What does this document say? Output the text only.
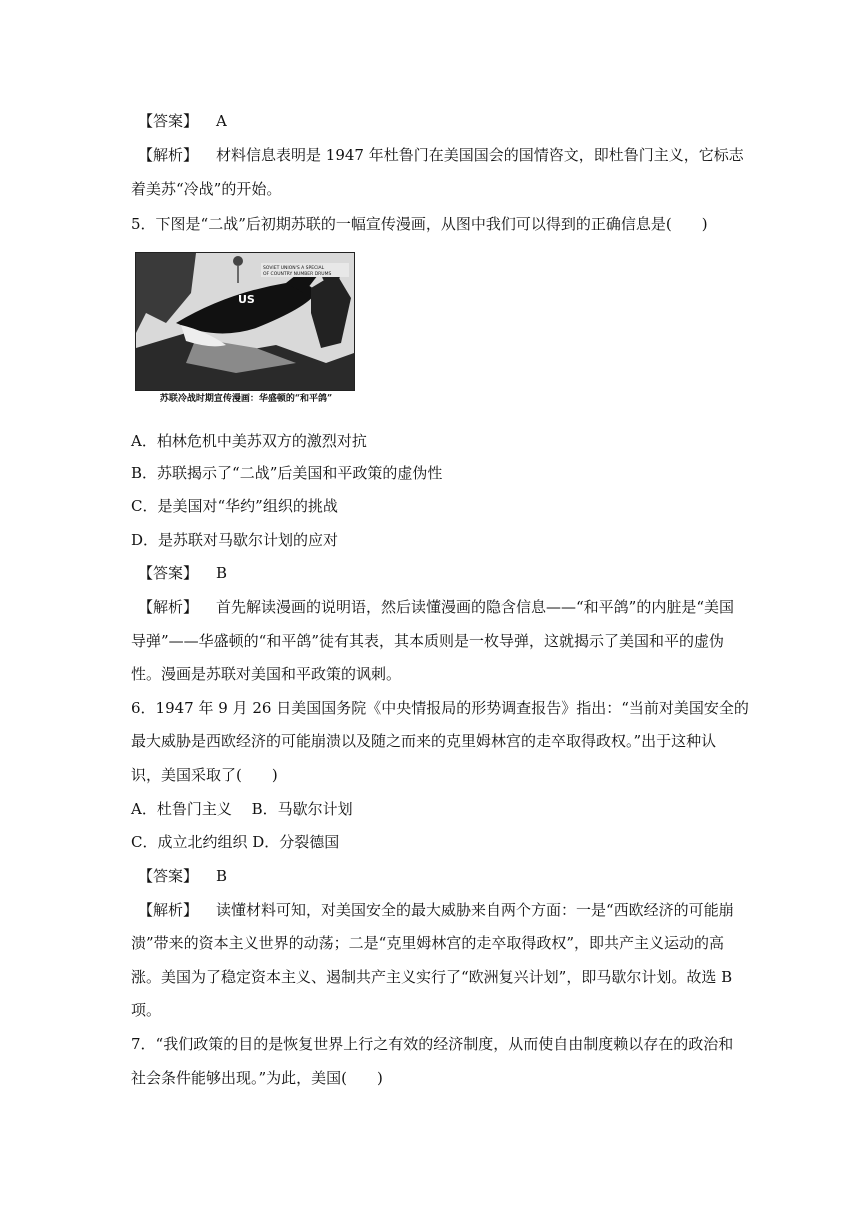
【答案】 A
【解析】 材料信息表明是 1947 年杜鲁门在美国国会的国情咨文，即杜鲁门主义，它标志
着美苏“冷战”的开始。
5．下图是“二战”后初期苏联的一幅宣传漫画，从图中我们可以得到的正确信息是(　　)
SOVIET UNION'S A SPECIAL
OF COUNTRY NUMBER DRUMS
US
苏联冷战时期宣传漫画：华盛顿的“和平鸽”
A．柏林危机中美苏双方的激烈对抗
B．苏联揭示了“二战”后美国和平政策的虚伪性
C．是美国对“华约”组织的挑战
D．是苏联对马歇尔计划的应对
【答案】 B
【解析】 首先解读漫画的说明语，然后读懂漫画的隐含信息——“和平鸽”的内脏是“美国
导弹”——华盛顿的“和平鸽”徒有其表，其本质则是一枚导弹，这就揭示了美国和平的虚伪
性。漫画是苏联对美国和平政策的讽刺。
6．1947 年 9 月 26 日美国国务院《中央情报局的形势调查报告》指出：“当前对美国安全的
最大威胁是西欧经济的可能崩溃以及随之而来的克里姆林宫的走卒取得政权。”出于这种认
识，美国采取了(　　)
A．杜鲁门主义　 B．马歇尔计划
C．成立北约组织 D．分裂德国
【答案】 B
【解析】 读懂材料可知，对美国安全的最大威胁来自两个方面：一是“西欧经济的可能崩
溃”带来的资本主义世界的动荡；二是“克里姆林宫的走卒取得政权”，即共产主义运动的高
涨。美国为了稳定资本主义、遏制共产主义实行了“欧洲复兴计划”，即马歇尔计划。故选 B
项。
7．“我们政策的目的是恢复世界上行之有效的经济制度，从而使自由制度赖以存在的政治和
社会条件能够出现。”为此，美国(　　)
